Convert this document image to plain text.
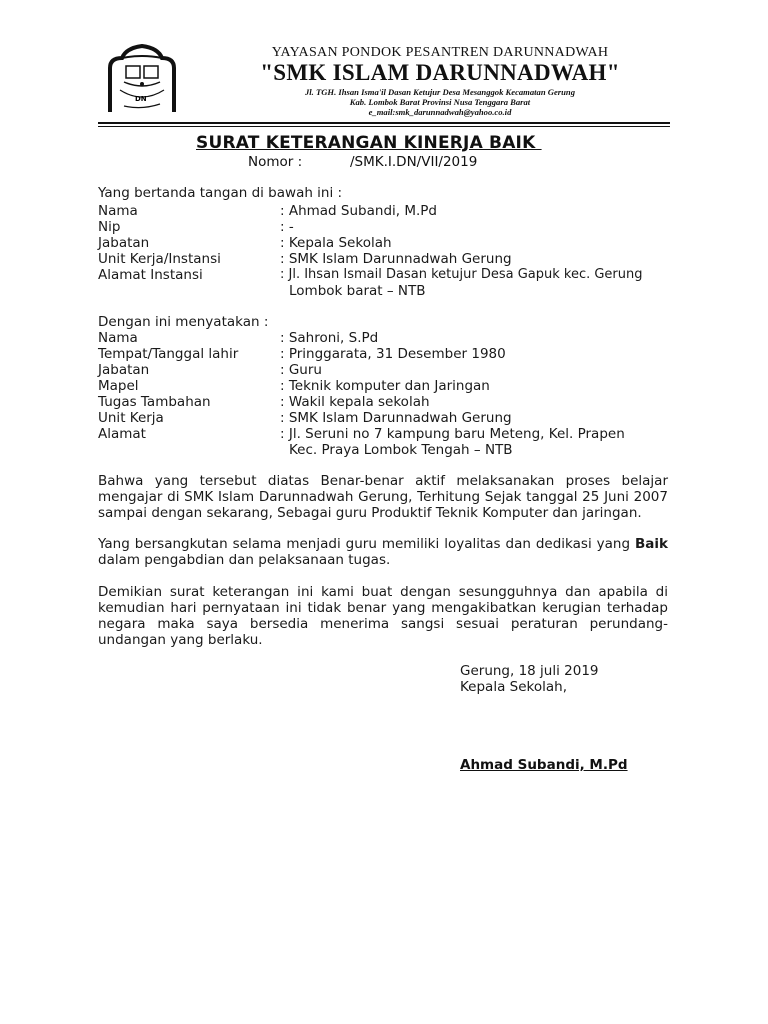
DN
YAYASAN PONDOK PESANTREN DARUNNADWAH
"SMK ISLAM DARUNNADWAH"
Jl. TGH. Ihsan Isma'il Dasan Ketujur Desa Mesanggok Kecamatan Gerung
Kab. Lombok Barat Provinsi Nusa Tenggara Barat
e_mail:smk_darunnadwah@yahoo.co.id
SURAT KETERANGAN KINERJA BAIK
Nomor :	/SMK.I.DN/VII/2019
Yang bertanda tangan di bawah ini :
Nama	: Ahmad Subandi, M.Pd
Nip	: -
Jabatan	: Kepala Sekolah
Unit Kerja/Instansi	: SMK Islam Darunnadwah Gerung
Alamat Instansi	: Jl. Ihsan Ismail Dasan ketujur Desa Gapuk kec. Gerung
Lombok barat – NTB
Dengan ini menyatakan :
Nama	: Sahroni, S.Pd
Tempat/Tanggal lahir	: Pringgarata, 31 Desember 1980
Jabatan	: Guru
Mapel	: Teknik komputer dan Jaringan
Tugas Tambahan	: Wakil kepala sekolah
Unit Kerja	: SMK Islam Darunnadwah Gerung
Alamat	: Jl. Seruni no 7 kampung baru Meteng, Kel. Prapen
Kec. Praya Lombok Tengah – NTB
Bahwa yang tersebut diatas Benar-benar aktif melaksanakan proses belajar mengajar di SMK Islam Darunnadwah Gerung, Terhitung Sejak tanggal 25 Juni 2007 sampai dengan sekarang, Sebagai guru Produktif Teknik Komputer dan jaringan.
Yang bersangkutan selama menjadi guru memiliki loyalitas dan dedikasi yang Baik dalam pengabdian dan pelaksanaan tugas.
Demikian surat keterangan ini kami buat dengan sesungguhnya dan apabila di kemudian hari pernyataan ini tidak benar yang mengakibatkan kerugian terhadap negara maka saya bersedia menerima sangsi sesuai peraturan perundang-undangan yang berlaku.
Gerung, 18 juli 2019
Kepala Sekolah,
Ahmad Subandi, M.Pd
